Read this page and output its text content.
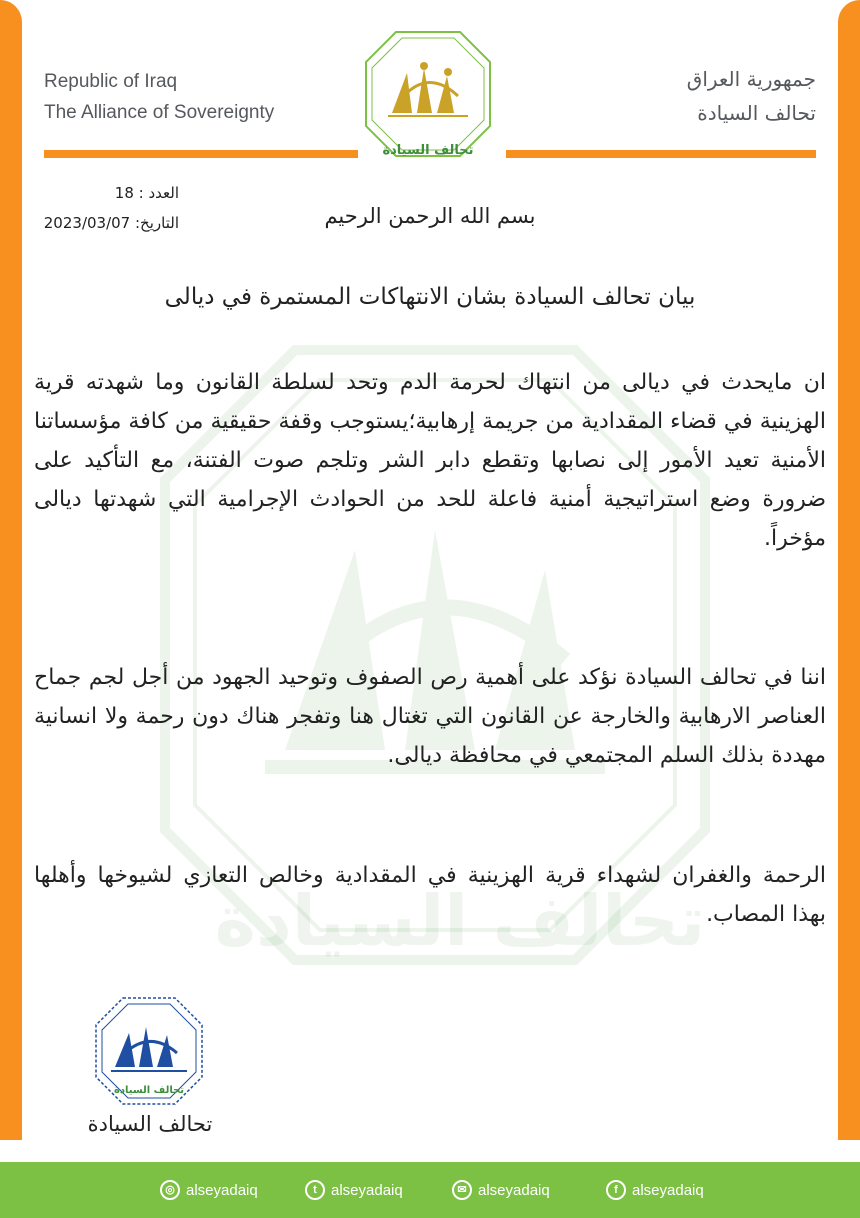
Republic of Iraq
The Alliance of Sovereignty
تحالف السيادة
جمهورية العراق
تحالف السيادة
العدد : 18
التاريخ: 2023/03/07	بسم الله الرحمن الرحيم
بيان تحالف السيادة بشان الانتهاكات المستمرة في ديالى
تحالف السيادة

ان مايحدث في ديالى من انتهاك لحرمة الدم وتحد لسلطة القانون وما شهدته قرية الهزينية في قضاء المقدادية من جريمة إرهابية؛يستوجب وقفة حقيقية من كافة مؤسساتنا الأمنية تعيد الأمور إلى نصابها وتقطع دابر الشر وتلجم صوت الفتنة، مع التأكيد على ضرورة وضع استراتيجية أمنية فاعلة للحد من الحوادث الإجرامية التي شهدتها ديالى مؤخراً.

اننا في تحالف السيادة نؤكد على أهمية رص الصفوف وتوحيد الجهود من أجل لجم جماح العناصر الارهابية والخارجة عن القانون التي تغتال هنا وتفجر هناك دون رحمة ولا انسانية مهددة بذلك السلم المجتمعي في محافظة ديالى.

الرحمة والغفران لشهداء قرية الهزينية في المقدادية وخالص التعازي لشيوخها وأهلها بهذا المصاب.

تحالف السيادة
تحالف السيادة
◎ alseyadaiq	t alseyadaiq	✉ alseyadaiq	f alseyadaiq
